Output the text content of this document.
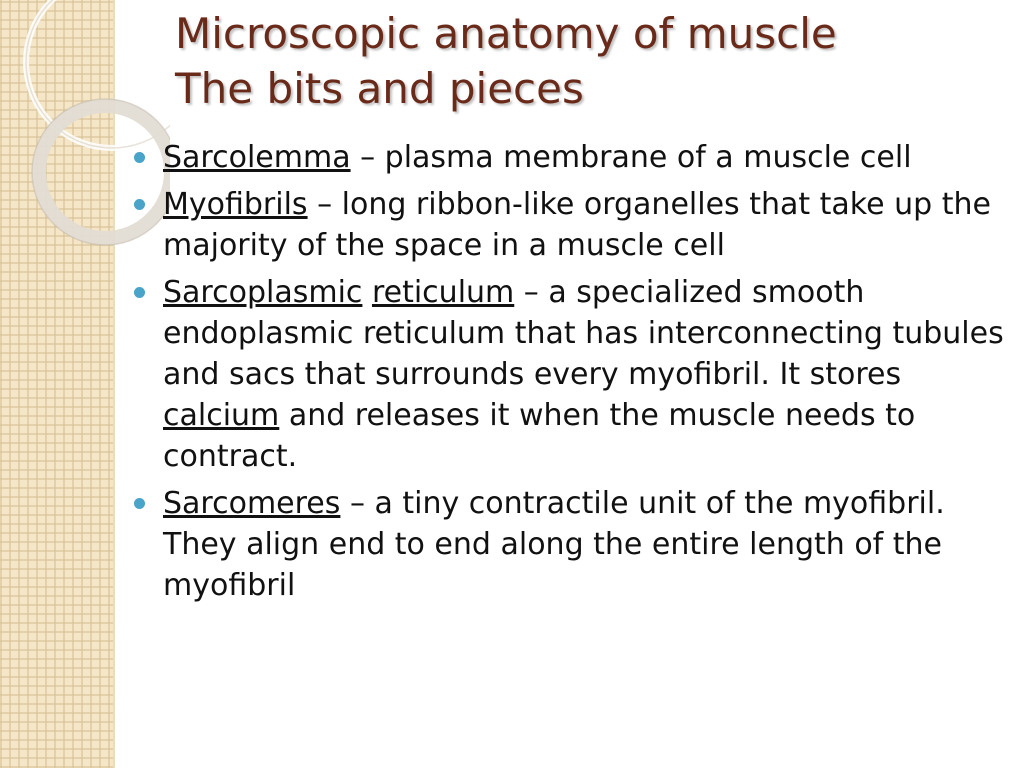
Microscopic anatomy of muscle
The bits and pieces
Sarcolemma – plasma membrane of a muscle cell
Myofibrils – long ribbon-like organelles that take up the majority of the space in a muscle cell
Sarcoplasmic reticulum – a specialized smooth endoplasmic reticulum that has interconnecting tubules and sacs that surrounds every myofibril. It stores calcium and releases it when the muscle needs to contract.
Sarcomeres – a tiny contractile unit of the myofibril. They align end to end along the entire length of the myofibril
